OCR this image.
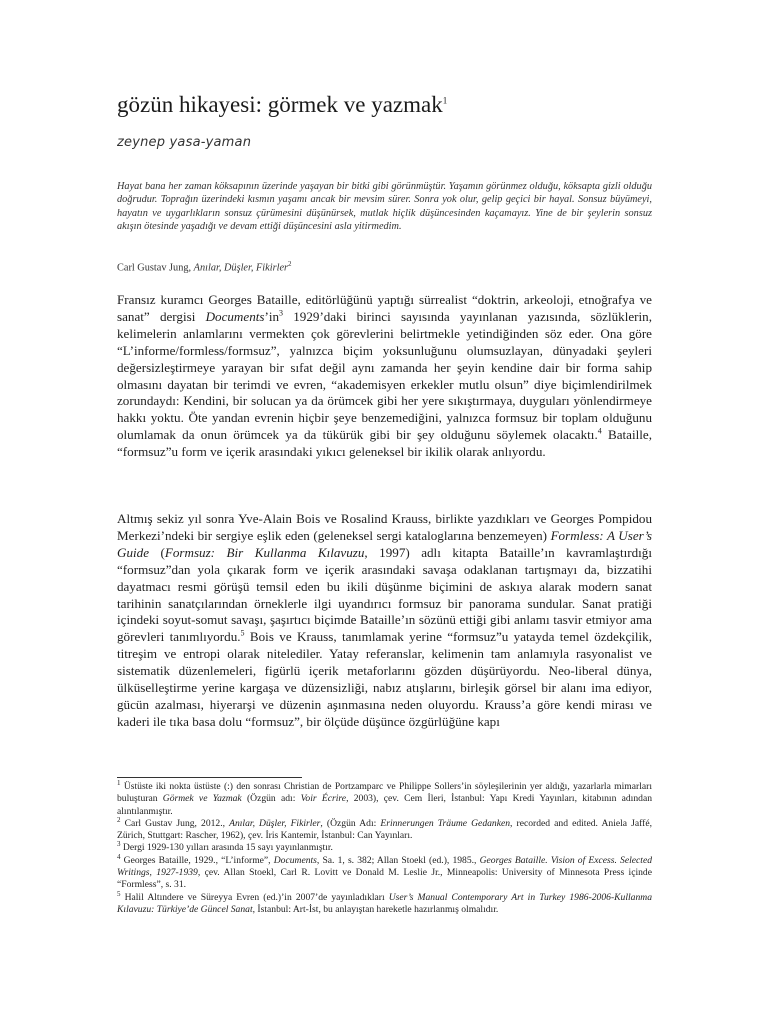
gözün hikayesi: görmek ve yazmak$^1$
zeynep yasa-yaman
Hayat bana her zaman köksapının üzerinde yaşayan bir bitki gibi görünmüştür. Yaşamın görünmez olduğu, köksapta gizli olduğu doğrudur. Toprağın üzerindeki kısmın yaşamı ancak bir mevsim sürer. Sonra yok olur, gelip geçici bir hayal. Sonsuz büyümeyi, hayatın ve uygarlıkların sonsuz çürümesini düşünürsek, mutlak hiçlik düşüncesinden kaçamayız. Yine de bir şeylerin sonsuz akışın ötesinde yaşadığı ve devam ettiği düşüncesini asla yitirmedim.
Carl Gustav Jung, Anılar, Düşler, Fikirler$^2$
Fransız kuramcı Georges Bataille, editörlüğünü yaptığı sürrealist “doktrin, arkeoloji, etnoğrafya ve sanat” dergisi $Documents’in^3$ 1929’daki birinci sayısında yayınlanan yazısında, sözlüklerin, kelimelerin anlamlarını vermekten çok görevlerini belirtmekle yetindiğinden söz eder. Ona göre “L’informe/formless/formsuz”, yalnızca biçim yoksunluğunu olumsuzlayan, dünyadaki şeyleri değersizleştirmeye yarayan bir sıfat değil aynı zamanda her şeyin kendine dair bir forma sahip olmasını dayatan bir terimdi ve evren, “akademisyen erkekler mutlu olsun” diye biçimlendirilmek zorundaydı: Kendini, bir solucan ya da örümcek gibi her yere sıkıştırmaya, duyguları yönlendirmeye hakkı yoktu. Öte yandan evrenin hiçbir şeye benzemediğini, yalnızca formsuz bir toplam olduğunu olumlamak da onun örümcek ya da tükürük gibi bir şey olduğunu söylemek olacaktı.$^4$ Bataille, “formsuz”u form ve içerik arasındaki yıkıcı geleneksel bir ikilik olarak anlıyordu.
Altmış sekiz yıl sonra Yve-Alain Bois ve Rosalind Krauss, birlikte yazdıkları ve Georges Pompidou Merkezi’ndeki bir sergiye eşlik eden (geleneksel sergi kataloglarına benzemeyen) Formless: A User’s Guide (Formsuz: Bir Kullanma Kılavuzu, 1997) adlı kitapta Bataille’ın kavramlaştırdığı “formsuz”dan yola çıkarak form ve içerik arasındaki savaşa odaklanan tartışmayı da, bizzatihi dayatmacı resmi görüşü temsil eden bu ikili düşünme biçimini de askıya alarak modern sanat tarihinin sanatçılarından örneklerle ilgi uyandırıcı formsuz bir panorama sundular. Sanat pratiği içindeki soyut-somut savaşı, şaşırtıcı biçimde Bataille’ın sözünü ettiği gibi anlamı tasvir etmiyor ama görevleri tanımlıyordu.$^5$ Bois ve Krauss, tanımlamak yerine “formsuz”u yatayda temel özdekçilik, titreşim ve entropi olarak nitelediler. Yatay referanslar, kelimenin tam anlamıyla rasyonalist ve sistematik düzenlemeleri, figürlü içerik metaforlarını gözden düşürüyordu. Neo-liberal dünya, ülküselleştirme yerine kargaşa ve düzensizliği, nabız atışlarını, birleşik görsel bir alanı ima ediyor, gücün azalması, hiyerarşi ve düzenin aşınmasına neden oluyordu. Krauss’a göre kendi mirası ve kaderi ile tıka basa dolu “formsuz”, bir ölçüde düşünce özgürlüğüne kapı

$^1$ Üstüste iki nokta üstüste (:) den sonrası Christian de Portzamparc ve Philippe Sollers’in söyleşilerinin yer aldığı, yazarlarla mimarları buluşturan Görmek ve Yazmak (Özgün adı: Voir Écrire, 2003), çev. Cem İleri, İstanbul: Yapı Kredi Yayınları, kitabının adından alıntılanmıştır.

$^2$ Carl Gustav Jung, 2012., Anılar, Düşler, Fikirler, (Özgün Adı: Erinnerungen Träume Gedanken, recorded and edited. Aniela Jaffé, Zürich, Stuttgart: Rascher, 1962), çev. İris Kantemir, İstanbul: Can Yayınları.

$^3$ Dergi 1929-130 yılları arasında 15 sayı yayınlanmıştır.

$^4$ Georges Bataille, 1929., “L’informe”, Documents, Sa. 1, s. 382; Allan Stoekl (ed.), 1985., Georges Bataille. Vision of Excess. Selected Writings, 1927-1939, çev. Allan Stoekl, Carl R. Lovitt ve Donald M. Leslie Jr., Minneapolis: University of Minnesota Press içinde “Formless”, s. 31.

$^5$ Halil Altındere ve Süreyya Evren (ed.)’in 2007’de yayınladıkları User’s Manual Contemporary Art in Turkey 1986-2006-Kullanma Kılavuzu: Türkiye’de Güncel Sanat, İstanbul: Art-İst, bu anlayıştan hareketle hazırlanmış olmalıdır.
